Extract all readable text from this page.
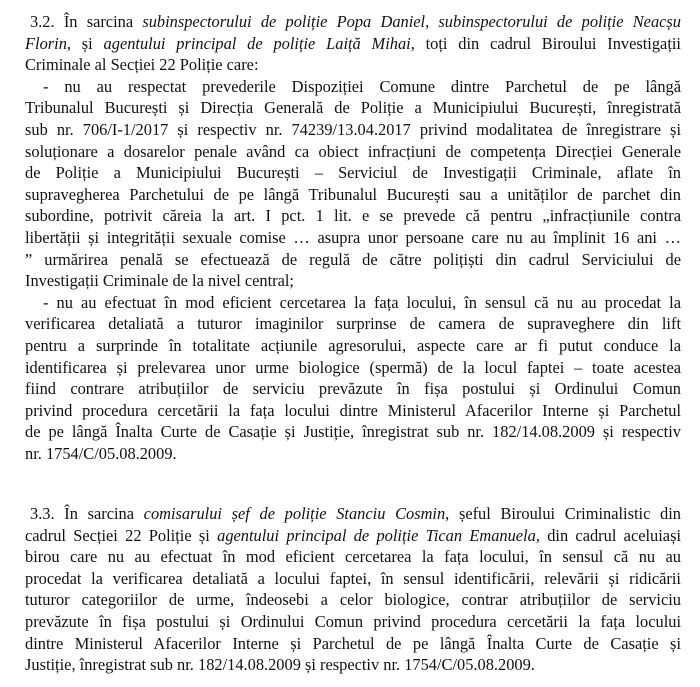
3.2. În sarcina subinspectorului de poliție Popa Daniel, subinspectorului de poliție Neacșu
Florin, și agentului principal de poliție Laiță Mihai, toți din cadrul Biroului Investigații
Criminale al Secției 22 Poliție care:
- nu au respectat prevederile Dispoziției Comune dintre Parchetul de pe lângă
Tribunalul București și Direcția Generală de Poliție a Municipiului București, înregistrată
sub nr. 706/I-1/2017 și respectiv nr. 74239/13.04.2017 privind modalitatea de înregistrare și
soluționare a dosarelor penale având ca obiect infracțiuni de competența Direcției Generale
de Poliție a Municipiului București – Serviciul de Investigații Criminale, aflate în
supravegherea Parchetului de pe lângă Tribunalul București sau a unităților de parchet din
subordine, potrivit căreia la art. I pct. 1 lit. e se prevede că pentru „infracțiunile contra
libertății și integrității sexuale comise … asupra unor persoane care nu au împlinit 16 ani …
” urmărirea penală se efectuează de regulă de către polițiști din cadrul Serviciului de
Investigații Criminale de la nivel central;
- nu au efectuat în mod eficient cercetarea la fața locului, în sensul că nu au procedat la
verificarea detaliată a tuturor imaginilor surprinse de camera de supraveghere din lift
pentru a surprinde în totalitate acțiunile agresorului, aspecte care ar fi putut conduce la
identificarea și prelevarea unor urme biologice (spermă) de la locul faptei – toate acestea
fiind contrare atribuțiilor de serviciu prevăzute în fișa postului și Ordinului Comun
privind procedura cercetării la fața locului dintre Ministerul Afacerilor Interne și Parchetul
de pe lângă Înalta Curte de Casație și Justiție, înregistrat sub nr. 182/14.08.2009 și respectiv
nr. 1754/C/05.08.2009.
3.3. În sarcina comisarului șef de poliție Stanciu Cosmin, șeful Biroului Criminalistic din
cadrul Secției 22 Poliție și agentului principal de poliție Tican Emanuela, din cadrul aceluiași
birou care nu au efectuat în mod eficient cercetarea la fața locului, în sensul că nu au
procedat la verificarea detaliată a locului faptei, în sensul identificării, relevării și ridicării
tuturor categoriilor de urme, îndeosebi a celor biologice, contrar atribuțiilor de serviciu
prevăzute în fișa postului și Ordinului Comun privind procedura cercetării la fața locului
dintre Ministerul Afacerilor Interne și Parchetul de pe lângă Înalta Curte de Casație și
Justiție, înregistrat sub nr. 182/14.08.2009 și respectiv nr. 1754/C/05.08.2009.
